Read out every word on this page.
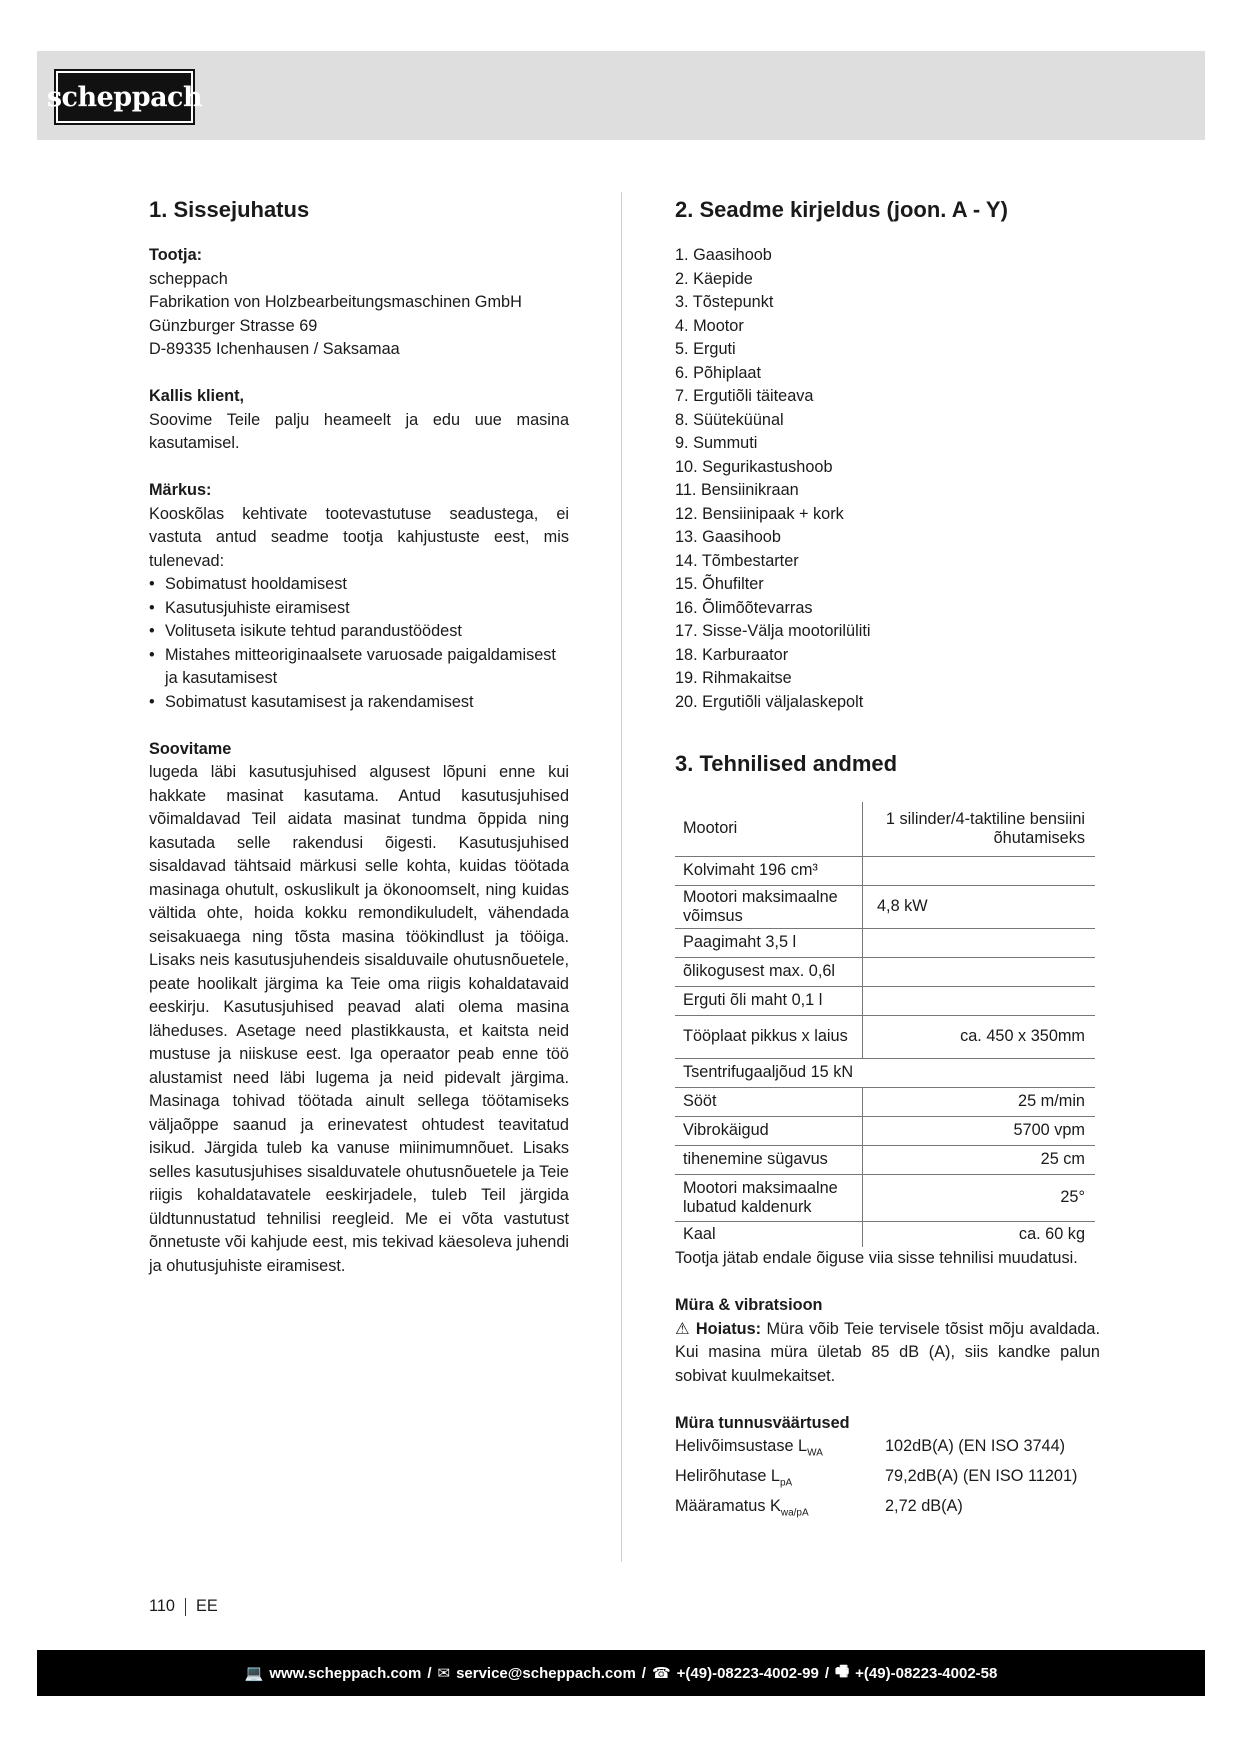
scheppach
1. Sissejuhatus

Tootja:

scheppach

Fabrikation von Holzbearbeitungsmaschinen GmbH

Günzburger Strasse 69

D-89335 Ichenhausen / Saksamaa

Kallis klient,

Soovime Teile palju heameelt ja edu uue masina kasutamisel.

Märkus:

Kooskõlas kehtivate tootevastutuse seadustega, ei vastuta antud seadme tootja kahjustuste eest, mis tulenevad:

• Sobimatust hooldamisest
• Kasutusjuhiste eiramisest
• Volituseta isikute tehtud parandustöödest
• Mistahes mitteoriginaalsete varuosade paigaldamisest ja kasutamisest
• Sobimatust kasutamisest ja rakendamisest

Soovitame

lugeda läbi kasutusjuhised algusest lõpuni enne kui hakkate masinat kasutama. Antud kasutusjuhised võimaldavad Teil aidata masinat tundma õppida ning kasutada selle rakendusi õigesti. Kasutusjuhised sisaldavad tähtsaid märkusi selle kohta, kuidas töötada masinaga ohutult, oskuslikult ja ökonoomselt, ning kuidas vältida ohte, hoida kokku remondikuludelt, vähendada seisakuaega ning tõsta masina töökindlust ja tööiga. Lisaks neis kasutusjuhendeis sisalduvaile ohutusnõuetele, peate hoolikalt järgima ka Teie oma riigis kohaldatavaid eeskirju. Kasutusjuhised peavad alati olema masina läheduses. Asetage need plastikkausta, et kaitsta neid mustuse ja niiskuse eest. Iga operaator peab enne töö alustamist need läbi lugema ja neid pidevalt järgima. Masinaga tohivad töötada ainult sellega töötamiseks väljaõppe saanud ja erinevatest ohtudest teavitatud isikud. Järgida tuleb ka vanuse miinimumnõuet. Lisaks selles kasutusjuhises sisalduvatele ohutusnõuetele ja Teie riigis kohaldatavatele eeskirjadele, tuleb Teil järgida üldtunnustatud tehnilisi reegleid. Me ei võta vastutust õnnetuste või kahjude eest, mis tekivad käesoleva juhendi ja ohutusjuhiste eiramisest.

2. Seadme kirjeldus (joon. A - Y)
1. Gaasihoob
2. Käepide
3. Tõstepunkt
4. Mootor
5. Erguti
6. Põhiplaat
7. Ergutiõli täiteava
8. Süüteküünal
9. Summuti
10. Segurikastushoob
11. Bensiinikraan
12. Bensiinipaak + kork
13. Gaasihoob
14. Tõmbestarter
15. Õhufilter
16. Õlimõõtevarras
17. Sisse-Välja mootorilüliti
18. Karburaator
19. Rihmakaitse
20. Ergutiõli väljalaskepolt
3. Tehnilised andmed
Mootori	1 silinder/4-taktiline bensiini õhutamiseks
Kolvimaht 196 cm³	
Mootori maksimaalne võimsus	4,8 kW
Paagimaht 3,5 l	
õlikogusest max. 0,6l	
Erguti õli maht 0,1 l	
Tööplaat pikkus x laius	ca. 450 x 350mm
Tsentrifugaaljõud 15 kN	
Sööt	25 m/min
Vibrokäigud	5700 vpm
tihenemine sügavus	25 cm
Mootori maksimaalne lubatud kaldenurk	25°
Kaal	ca. 60 kg

Tootja jätab endale õiguse viia sisse tehnilisi muudatusi.

Müra & vibratsioon

⚠ Hoiatus: Müra võib Teie tervisele tõsist mõju avaldada. Kui masina müra ületab 85 dB (A), siis kandke palun sobivat kuulmekaitset.

Müra tunnusväärtused

Helivõimsustase $L_{WA}$	102dB(A) (EN ISO 3744)
Helirõhutase $L_{pA}$	79,2dB(A) (EN ISO 11201)
Määramatus $K_{wa/pA}$	2,72 dB(A)
110 EE
💻 www.scheppach.com / ✉ service@scheppach.com / ☎ +(49)-08223-4002-99 / 🖷 +(49)-08223-4002-58
